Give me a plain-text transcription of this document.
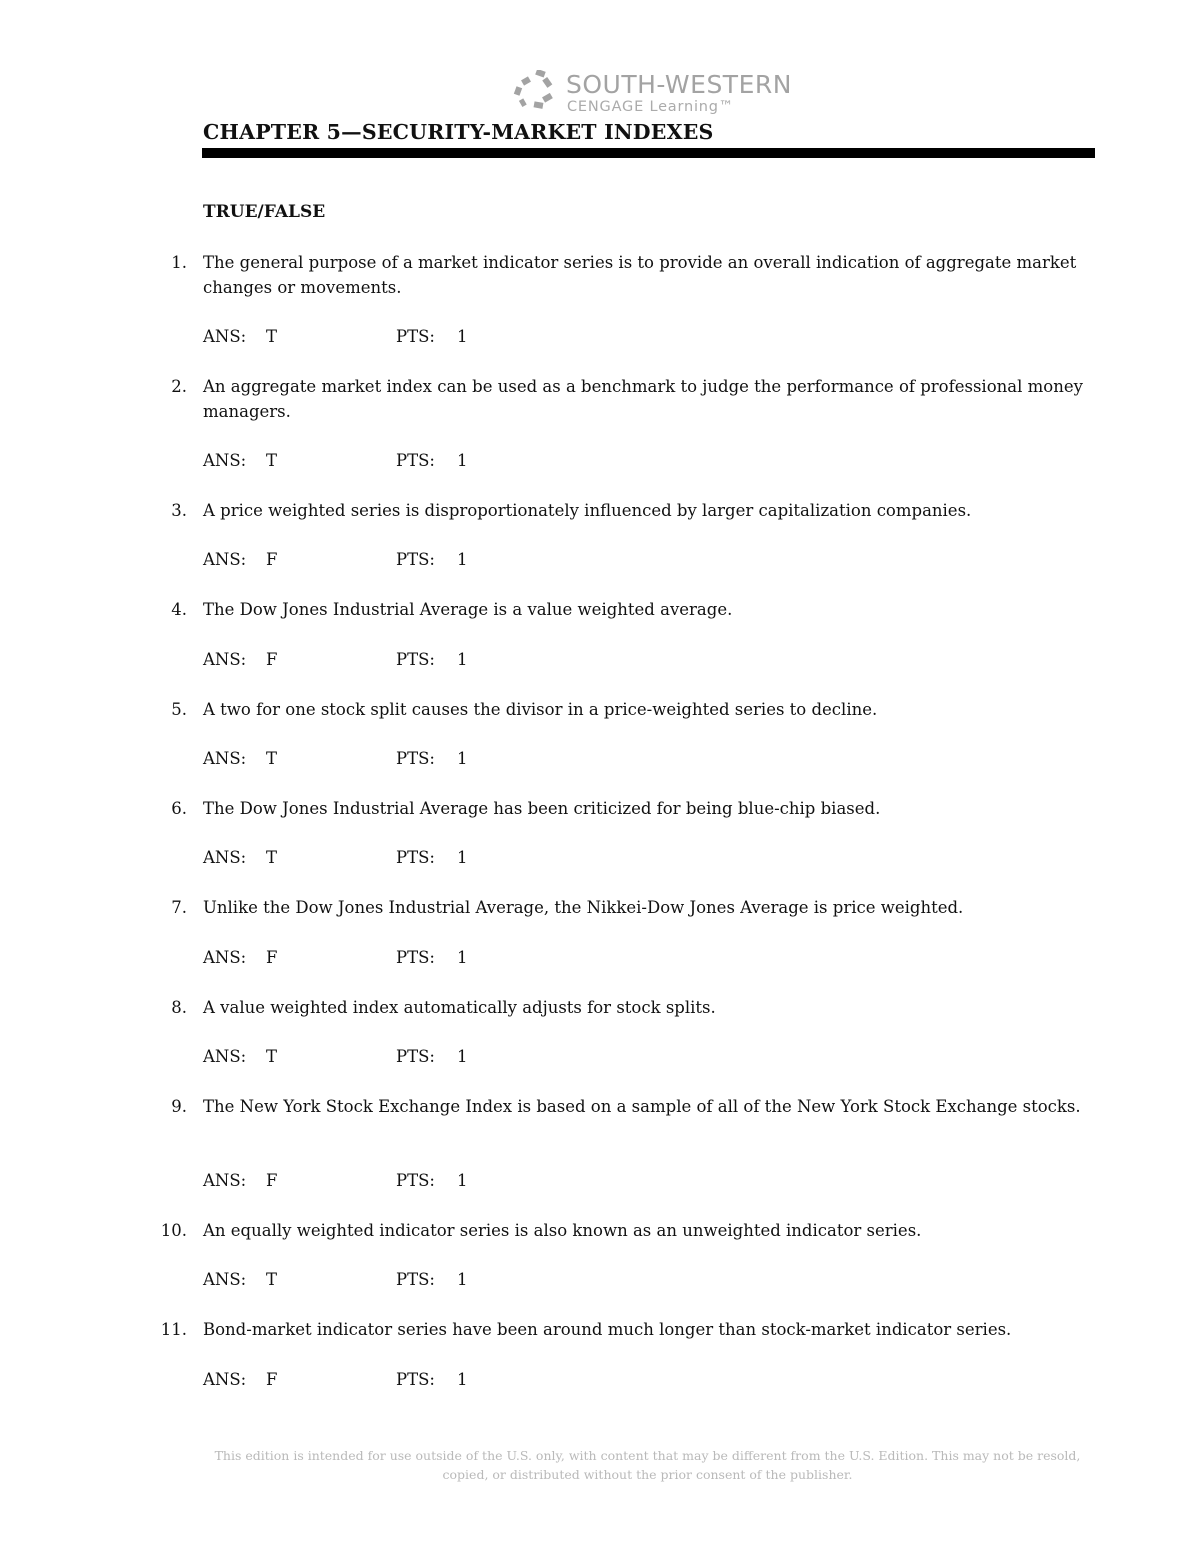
SOUTH-WESTERN
CENGAGE Learning™
CHAPTER 5—SECURITY-MARKET INDEXES
TRUE/FALSE
1. The general purpose of a market indicator series is to provide an overall indication of aggregate market changes or movements.

ANS: T	PTS: 1
2. An aggregate market index can be used as a benchmark to judge the performance of professional money managers.

ANS: T	PTS: 1
3. A price weighted series is disproportionately influenced by larger capitalization companies.

ANS: F	PTS: 1
4. The Dow Jones Industrial Average is a value weighted average.

ANS: F	PTS: 1
5. A two for one stock split causes the divisor in a price-weighted series to decline.

ANS: T	PTS: 1
6. The Dow Jones Industrial Average has been criticized for being blue-chip biased.

ANS: T	PTS: 1
7. Unlike the Dow Jones Industrial Average, the Nikkei-Dow Jones Average is price weighted.

ANS: F	PTS: 1
8. A value weighted index automatically adjusts for stock splits.

ANS: T	PTS: 1
9. The New York Stock Exchange Index is based on a sample of all of the New York Stock Exchange stocks.

ANS: F	PTS: 1
10. An equally weighted indicator series is also known as an unweighted indicator series.

ANS: T	PTS: 1
11. Bond-market indicator series have been around much longer than stock-market indicator series.

ANS: F	PTS: 1

This edition is intended for use outside of the U.S. only, with content that may be different from the U.S. Edition. This may not be resold, copied, or distributed without the prior consent of the publisher.
